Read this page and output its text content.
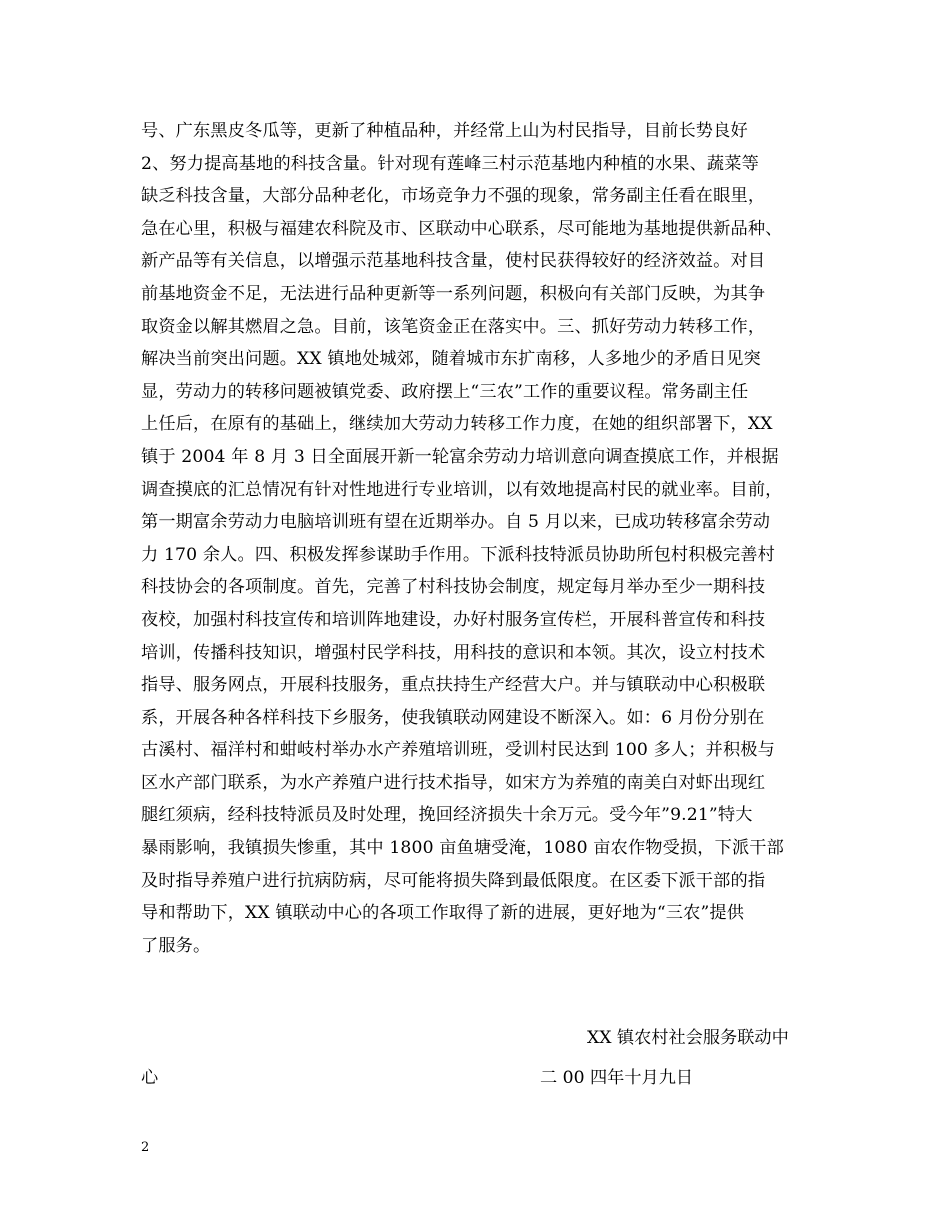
号、广东黑皮冬瓜等，更新了种植品种，并经常上山为村民指导，目前长势良好
2、努力提高基地的科技含量。针对现有莲峰三村示范基地内种植的水果、蔬菜等
缺乏科技含量，大部分品种老化，市场竞争力不强的现象，常务副主任看在眼里，
急在心里，积极与福建农科院及市、区联动中心联系，尽可能地为基地提供新品种、
新产品等有关信息，以增强示范基地科技含量，使村民获得较好的经济效益。对目
前基地资金不足，无法进行品种更新等一系列问题，积极向有关部门反映，为其争
取资金以解其燃眉之急。目前，该笔资金正在落实中。三、抓好劳动力转移工作，
解决当前突出问题。XX 镇地处城郊，随着城市东扩南移，人多地少的矛盾日见突
显，劳动力的转移问题被镇党委、政府摆上“三农”工作的重要议程。常务副主任
上任后，在原有的基础上，继续加大劳动力转移工作力度，在她的组织部署下，XX
镇于 2004 年 8 月 3 日全面展开新一轮富余劳动力培训意向调查摸底工作，并根据
调查摸底的汇总情况有针对性地进行专业培训，以有效地提高村民的就业率。目前，
第一期富余劳动力电脑培训班有望在近期举办。自 5 月以来，已成功转移富余劳动
力 170 余人。四、积极发挥参谋助手作用。下派科技特派员协助所包村积极完善村
科技协会的各项制度。首先，完善了村科技协会制度，规定每月举办至少一期科技
夜校，加强村科技宣传和培训阵地建设，办好村服务宣传栏，开展科普宣传和科技
培训，传播科技知识，增强村民学科技，用科技的意识和本领。其次，设立村技术
指导、服务网点，开展科技服务，重点扶持生产经营大户。并与镇联动中心积极联
系，开展各种各样科技下乡服务，使我镇联动网建设不断深入。如：6 月份分别在
古溪村、福洋村和蚶岐村举办水产养殖培训班，受训村民达到 100 多人；并积极与
区水产部门联系，为水产养殖户进行技术指导，如宋方为养殖的南美白对虾出现红
腿红须病，经科技特派员及时处理，挽回经济损失十余万元。受今年”9.21”特大
暴雨影响，我镇损失惨重，其中 1800 亩鱼塘受淹，1080 亩农作物受损，下派干部
及时指导养殖户进行抗病防病，尽可能将损失降到最低限度。在区委下派干部的指
导和帮助下，XX 镇联动中心的各项工作取得了新的进展，更好地为“三农”提供
了服务。
XX 镇农村社会服务联动中
心	二 00 四年十月九日
2
